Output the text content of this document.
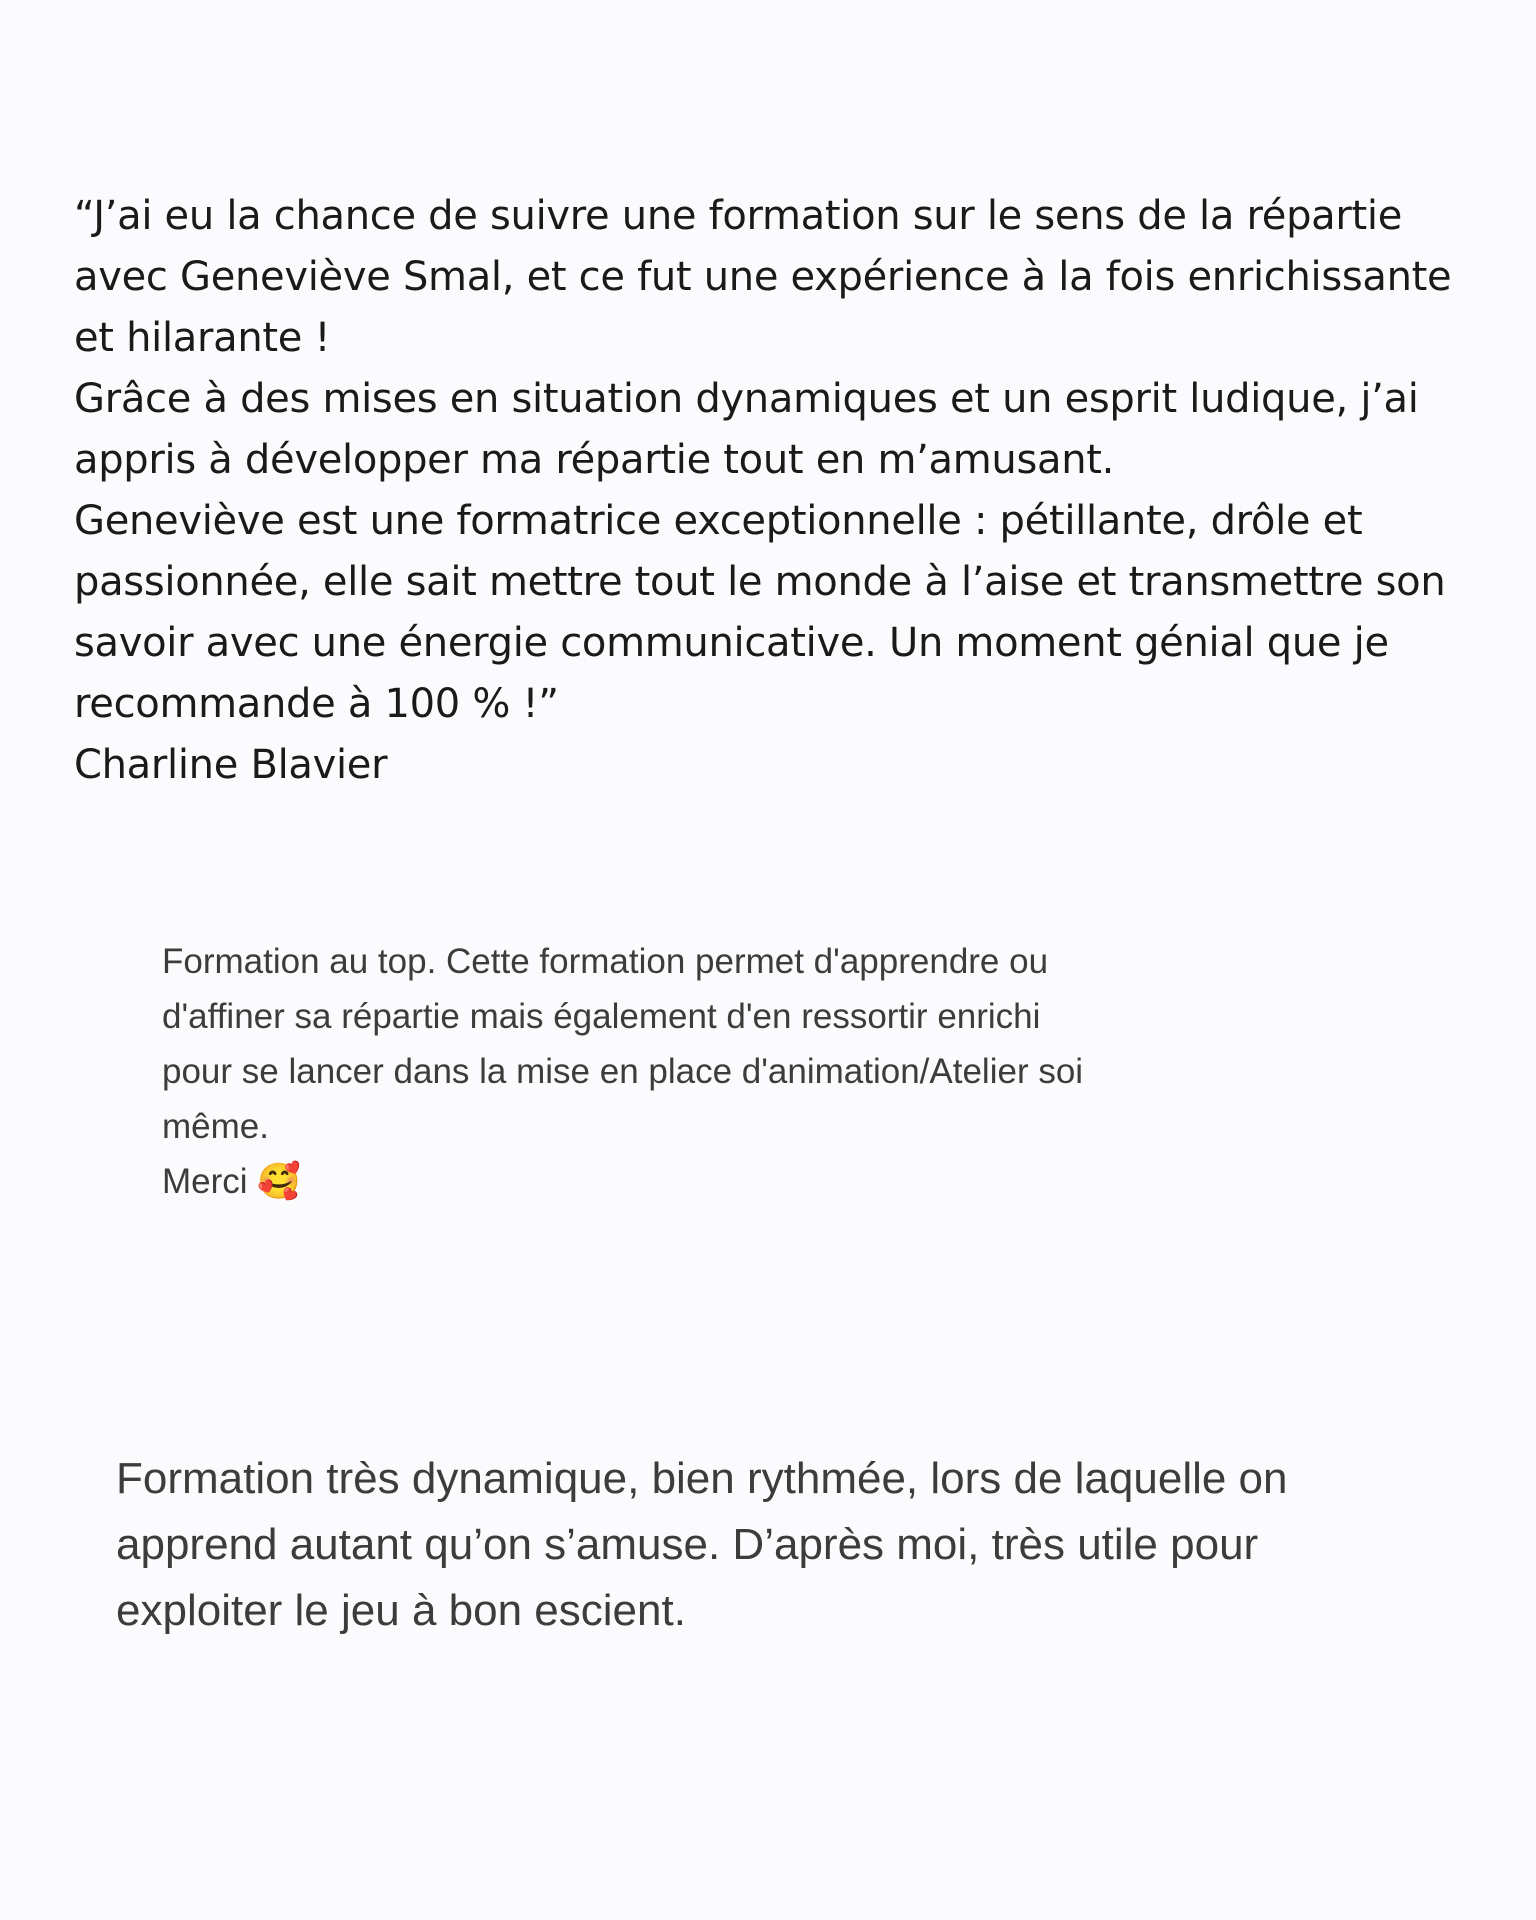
“J’ai eu la chance de suivre une formation sur le sens de la répartie

avec Geneviève Smal, et ce fut une expérience à la fois enrichissante

et hilarante !

Grâce à des mises en situation dynamiques et un esprit ludique, j’ai

appris à développer ma répartie tout en m’amusant.

Geneviève est une formatrice exceptionnelle : pétillante, drôle et

passionnée, elle sait mettre tout le monde à l’aise et transmettre son

savoir avec une énergie communicative. Un moment génial que je

recommande à 100 % !”

Charline Blavier

Formation au top. Cette formation permet d'apprendre ou

d'affiner sa répartie mais également d'en ressortir enrichi

pour se lancer dans la mise en place d'animation/Atelier soi

même.

Merci 🥰

Formation très dynamique, bien rythmée, lors de laquelle on

apprend autant qu’on s’amuse. D’après moi, très utile pour

exploiter le jeu à bon escient.
